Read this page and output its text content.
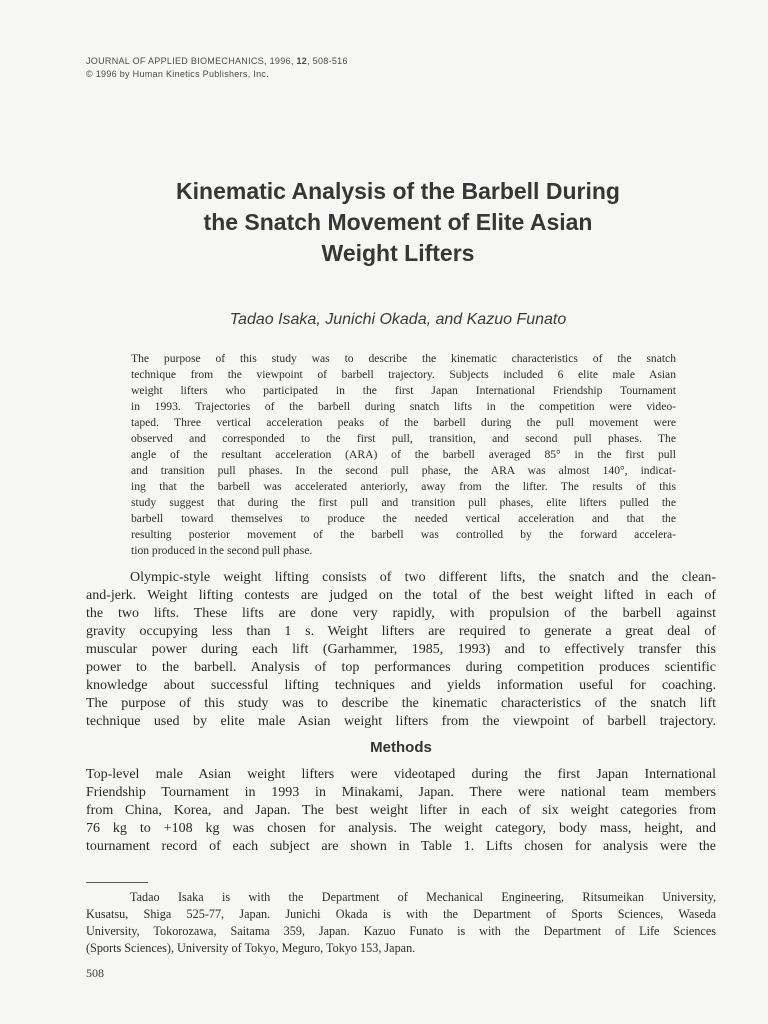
JOURNAL OF APPLIED BIOMECHANICS, 1996, 12, 508-516
© 1996 by Human Kinetics Publishers, Inc.
Kinematic Analysis of the Barbell During
the Snatch Movement of Elite Asian
Weight Lifters
Tadao Isaka, Junichi Okada, and Kazuo Funato
The purpose of this study was to describe the kinematic characteristics of the snatch
technique from the viewpoint of barbell trajectory. Subjects included 6 elite male Asian
weight lifters who participated in the first Japan International Friendship Tournament
in 1993. Trajectories of the barbell during snatch lifts in the competition were video-
taped. Three vertical acceleration peaks of the barbell during the pull movement were
observed and corresponded to the first pull, transition, and second pull phases. The
angle of the resultant acceleration (ARA) of the barbell averaged 85° in the first pull
and transition pull phases. In the second pull phase, the ARA was almost 140°, indicat-
ing that the barbell was accelerated anteriorly, away from the lifter. The results of this
study suggest that during the first pull and transition pull phases, elite lifters pulled the
barbell toward themselves to produce the needed vertical acceleration and that the
resulting posterior movement of the barbell was controlled by the forward accelera-
tion produced in the second pull phase.
Olympic-style weight lifting consists of two different lifts, the snatch and the clean-
and-jerk. Weight lifting contests are judged on the total of the best weight lifted in each of
the two lifts. These lifts are done very rapidly, with propulsion of the barbell against
gravity occupying less than 1 s. Weight lifters are required to generate a great deal of
muscular power during each lift (Garhammer, 1985, 1993) and to effectively transfer this
power to the barbell. Analysis of top performances during competition produces scientific
knowledge about successful lifting techniques and yields information useful for coaching.
The purpose of this study was to describe the kinematic characteristics of the snatch lift
technique used by elite male Asian weight lifters from the viewpoint of barbell trajectory.
Methods
Top-level male Asian weight lifters were videotaped during the first Japan International
Friendship Tournament in 1993 in Minakami, Japan. There were national team members
from China, Korea, and Japan. The best weight lifter in each of six weight categories from
76 kg to +108 kg was chosen for analysis. The weight category, body mass, height, and
tournament record of each subject are shown in Table 1. Lifts chosen for analysis were the
Tadao Isaka is with the Department of Mechanical Engineering, Ritsumeikan University,
Kusatsu, Shiga 525-77, Japan. Junichi Okada is with the Department of Sports Sciences, Waseda
University, Tokorozawa, Saitama 359, Japan. Kazuo Funato is with the Department of Life Sciences
(Sports Sciences), University of Tokyo, Meguro, Tokyo 153, Japan.
508
